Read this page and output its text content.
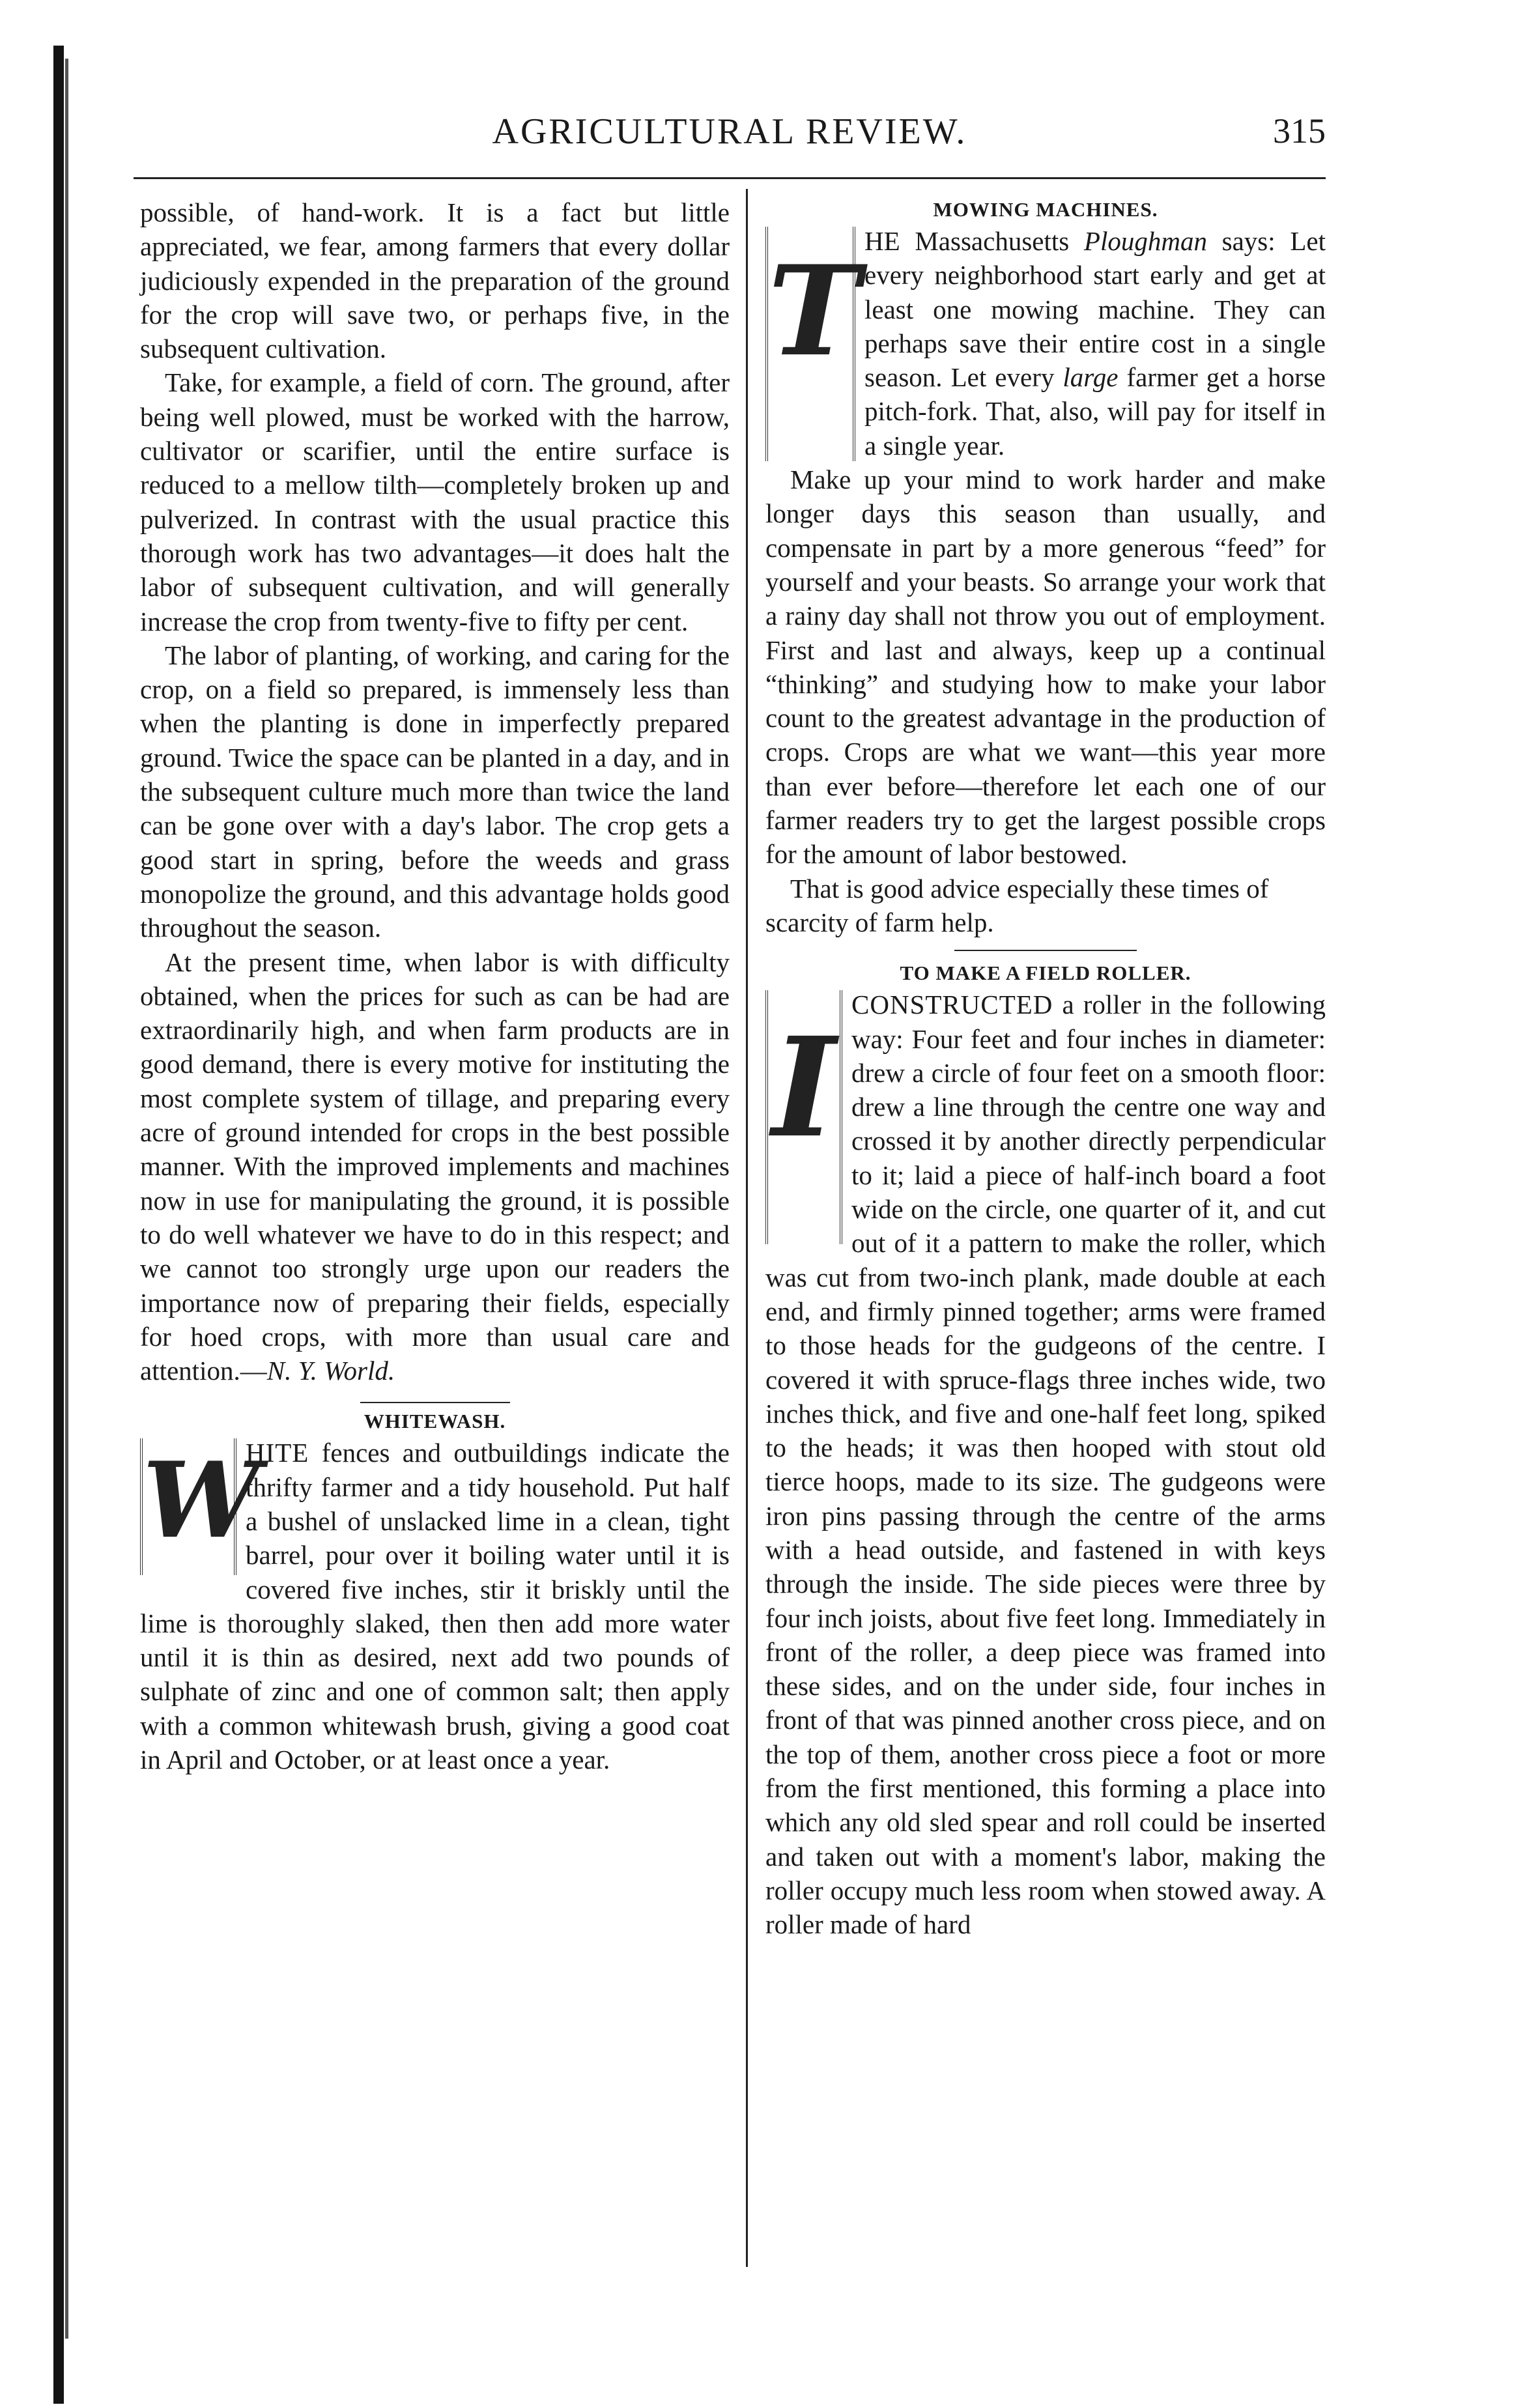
AGRICULTURAL REVIEW.	315

possible, of hand-work. It is a fact but little appreciated, we fear, among farmers that every dollar judiciously expended in the preparation of the ground for the crop will save two, or perhaps five, in the subsequent cultivation.

Take, for example, a field of corn. The ground, after being well plowed, must be worked with the harrow, cultivator or scarifier, until the entire surface is reduced to a mellow tilth—completely broken up and pulverized. In contrast with the usual practice this thorough work has two advantages—it does halt the labor of subsequent cultivation, and will generally increase the crop from twenty-five to fifty per cent.

The labor of planting, of working, and caring for the crop, on a field so prepared, is immensely less than when the planting is done in imperfectly prepared ground. Twice the space can be planted in a day, and in the subsequent culture much more than twice the land can be gone over with a day's labor. The crop gets a good start in spring, before the weeds and grass monopolize the ground, and this advantage holds good throughout the season.

At the present time, when labor is with difficulty obtained, when the prices for such as can be had are extraordinarily high, and when farm products are in good demand, there is every motive for instituting the most complete system of tillage, and preparing every acre of ground intended for crops in the best possible manner. With the improved implements and machines now in use for manipulating the ground, it is possible to do well whatever we have to do in this respect; and we cannot too strongly urge upon our readers the importance now of preparing their fields, especially for hoed crops, with more than usual care and attention.—N. Y. World.

WHITEWASH.

W
HITE fences and outbuildings indicate the thrifty farmer and a tidy household. Put half a bushel of unslacked lime in a clean, tight barrel, pour over it boiling water until it is covered five inches, stir it briskly until the lime is thoroughly slaked, then then add more water until it is thin as desired, next add two pounds of sulphate of zinc and one of common salt; then apply with a common whitewash brush, giving a good coat in April and October, or at least once a year.

MOWING MACHINES.

T HE Massachusetts Ploughman says: Let every neighborhood start early and get at least one mowing machine. They can perhaps save their entire cost in a single season. Let every large farmer get a horse pitch-fork. That, also, will pay for itself in a single year.

Make up your mind to work harder and make longer days this season than usually, and compensate in part by a more generous “feed” for yourself and your beasts. So arrange your work that a rainy day shall not throw you out of employment. First and last and always, keep up a continual “thinking” and studying how to make your labor count to the greatest advantage in the production of crops. Crops are what we want—this year more than ever before—therefore let each one of our farmer readers try to get the largest possible crops for the amount of labor bestowed.

That is good advice especially these times of scarcity of farm help.

TO MAKE A FIELD ROLLER.

I
CONSTRUCTED a roller in the following way: Four feet and four inches in diameter: drew a circle of four feet on a smooth floor: drew a line through the centre one way and crossed it by another directly perpendicular to it; laid a piece of half-inch board a foot wide on the circle, one quarter of it, and cut out of it a pattern to make the roller, which was cut from two-inch plank, made double at each end, and firmly pinned together; arms were framed to those heads for the gudgeons of the centre. I covered it with spruce-flags three inches wide, two inches thick, and five and one-half feet long, spiked to the heads; it was then hooped with stout old tierce hoops, made to its size. The gudgeons were iron pins passing through the centre of the arms with a head outside, and fastened in with keys through the inside. The side pieces were three by four inch joists, about five feet long. Immediately in front of the roller, a deep piece was framed into these sides, and on the under side, four inches in front of that was pinned another cross piece, and on the top of them, another cross piece a foot or more from the first mentioned, this forming a place into which any old sled spear and roll could be inserted and taken out with a moment's labor, making the roller occupy much less room when stowed away. A roller made of hard
